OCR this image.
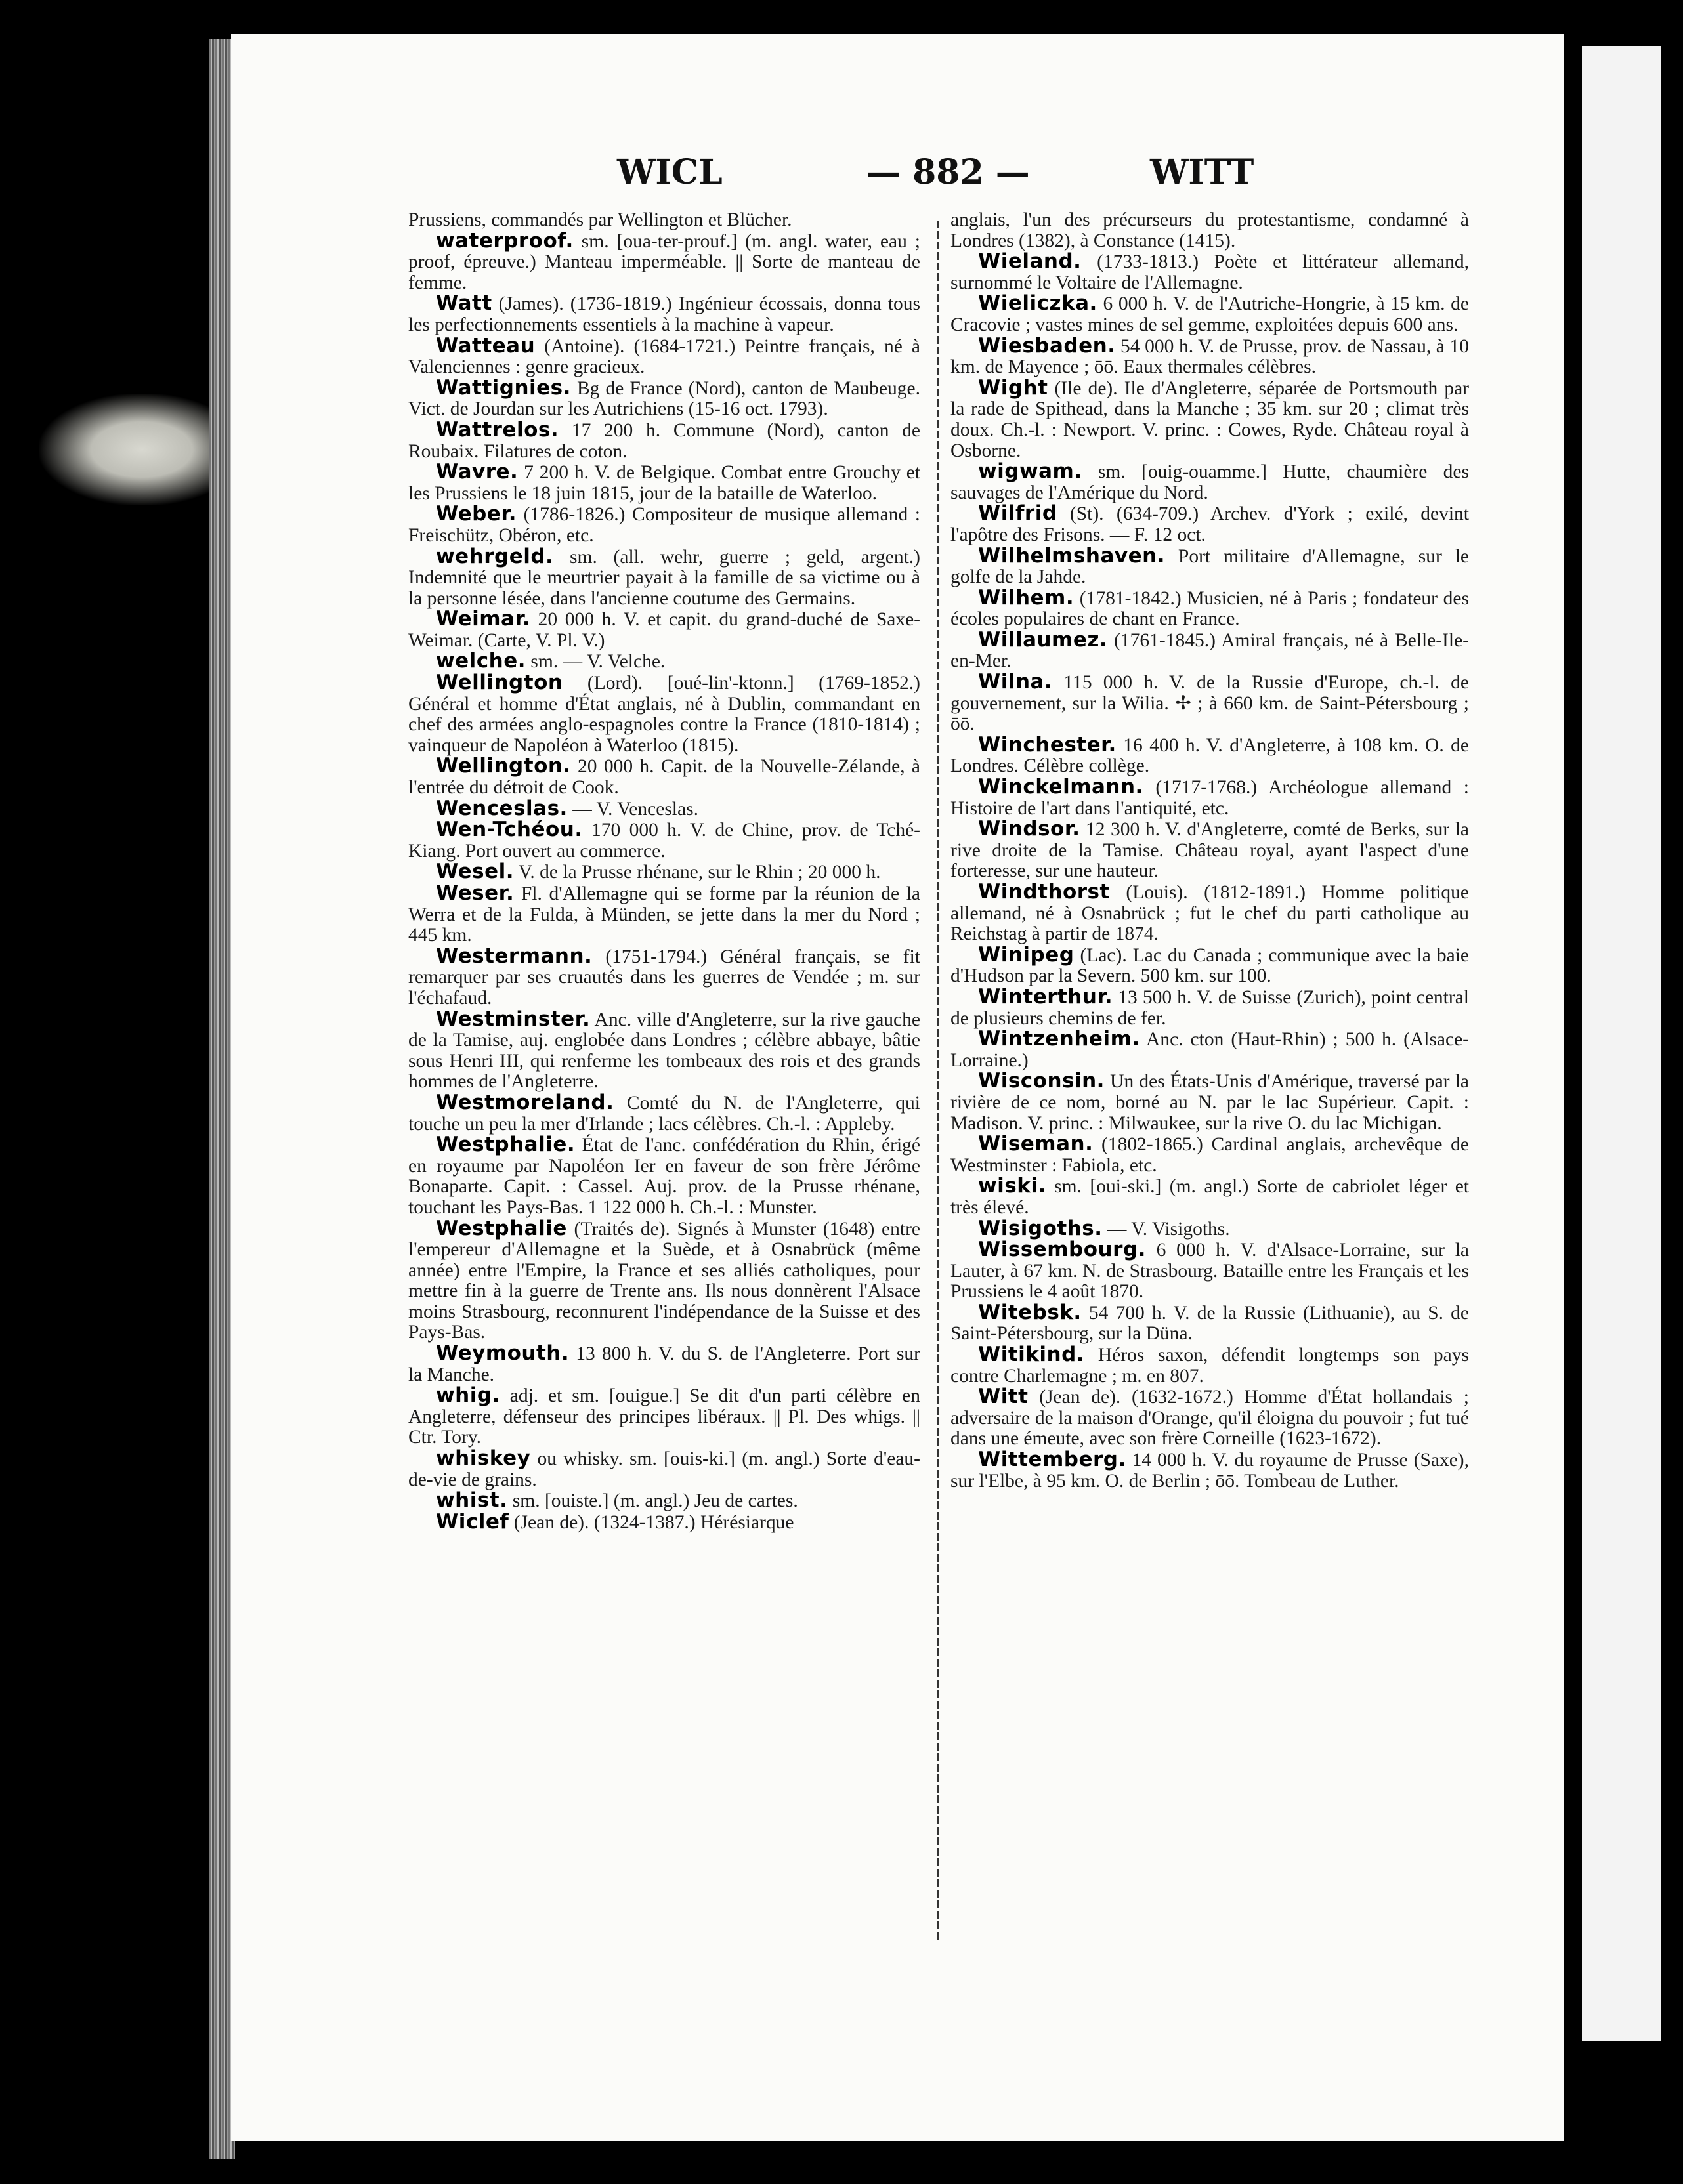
WICL	— 882 —	WITT

Prussiens, commandés par Wellington et Blücher.

waterproof. sm. [oua-ter-prouf.] (m. angl. water, eau ; proof, épreuve.) Manteau imperméable. || Sorte de manteau de femme.

Watt (James). (1736-1819.) Ingénieur écossais, donna tous les perfectionnements essentiels à la machine à vapeur.

Watteau (Antoine). (1684-1721.) Peintre français, né à Valenciennes : genre gracieux.

Wattignies. Bg de France (Nord), canton de Maubeuge. Vict. de Jourdan sur les Autrichiens (15-16 oct. 1793).

Wattrelos. 17 200 h. Commune (Nord), canton de Roubaix. Filatures de coton.

Wavre. 7 200 h. V. de Belgique. Combat entre Grouchy et les Prussiens le 18 juin 1815, jour de la bataille de Waterloo.

Weber. (1786-1826.) Compositeur de musique allemand : Freischütz, Obéron, etc.

wehrgeld. sm. (all. wehr, guerre ; geld, argent.) Indemnité que le meurtrier payait à la famille de sa victime ou à la personne lésée, dans l'ancienne coutume des Germains.

Weimar. 20 000 h. V. et capit. du grand-duché de Saxe-Weimar. (Carte, V. Pl. V.)

welche. sm. — V. Velche.

Wellington (Lord). [oué-lin'-ktonn.] (1769-1852.) Général et homme d'État anglais, né à Dublin, commandant en chef des armées anglo-espagnoles contre la France (1810-1814) ; vainqueur de Napoléon à Waterloo (1815).

Wellington. 20 000 h. Capit. de la Nouvelle-Zélande, à l'entrée du détroit de Cook.

Wenceslas. — V. Venceslas.

Wen-Tchéou. 170 000 h. V. de Chine, prov. de Tché-Kiang. Port ouvert au commerce.

Wesel. V. de la Prusse rhénane, sur le Rhin ; 20 000 h.

Weser. Fl. d'Allemagne qui se forme par la réunion de la Werra et de la Fulda, à Münden, se jette dans la mer du Nord ; 445 km.

Westermann. (1751-1794.) Général français, se fit remarquer par ses cruautés dans les guerres de Vendée ; m. sur l'échafaud.

Westminster. Anc. ville d'Angleterre, sur la rive gauche de la Tamise, auj. englobée dans Londres ; célèbre abbaye, bâtie sous Henri III, qui renferme les tombeaux des rois et des grands hommes de l'Angleterre.

Westmoreland. Comté du N. de l'Angleterre, qui touche un peu la mer d'Irlande ; lacs célèbres. Ch.-l. : Appleby.

Westphalie. État de l'anc. confédération du Rhin, érigé en royaume par Napoléon Ier en faveur de son frère Jérôme Bonaparte. Capit. : Cassel. Auj. prov. de la Prusse rhénane, touchant les Pays-Bas. 1 122 000 h. Ch.-l. : Munster.

Westphalie (Traités de). Signés à Munster (1648) entre l'empereur d'Allemagne et la Suède, et à Osnabrück (même année) entre l'Empire, la France et ses alliés catholiques, pour mettre fin à la guerre de Trente ans. Ils nous donnèrent l'Alsace moins Strasbourg, reconnurent l'indépendance de la Suisse et des Pays-Bas.

Weymouth. 13 800 h. V. du S. de l'Angleterre. Port sur la Manche.

whig. adj. et sm. [ouigue.] Se dit d'un parti célèbre en Angleterre, défenseur des principes libéraux. || Pl. Des whigs. || Ctr. Tory.

whiskey ou whisky. sm. [ouis-ki.] (m. angl.) Sorte d'eau-de-vie de grains.

whist. sm. [ouiste.] (m. angl.) Jeu de cartes.

Wiclef (Jean de). (1324-1387.) Hérésiarque

anglais, l'un des précurseurs du protestantisme, condamné à Londres (1382), à Constance (1415).

Wieland. (1733-1813.) Poète et littérateur allemand, surnommé le Voltaire de l'Allemagne.

Wieliczka. 6 000 h. V. de l'Autriche-Hongrie, à 15 km. de Cracovie ; vastes mines de sel gemme, exploitées depuis 600 ans.

Wiesbaden. 54 000 h. V. de Prusse, prov. de Nassau, à 10 km. de Mayence ; ōō. Eaux thermales célèbres.

Wight (Ile de). Ile d'Angleterre, séparée de Portsmouth par la rade de Spithead, dans la Manche ; 35 km. sur 20 ; climat très doux. Ch.-l. : Newport. V. princ. : Cowes, Ryde. Château royal à Osborne.

wigwam. sm. [ouig-ouamme.] Hutte, chaumière des sauvages de l'Amérique du Nord.

Wilfrid (St). (634-709.) Archev. d'York ; exilé, devint l'apôtre des Frisons. — F. 12 oct.

Wilhelmshaven. Port militaire d'Allemagne, sur le golfe de la Jahde.

Wilhem. (1781-1842.) Musicien, né à Paris ; fondateur des écoles populaires de chant en France.

Willaumez. (1761-1845.) Amiral français, né à Belle-Ile-en-Mer.

Wilna. 115 000 h. V. de la Russie d'Europe, ch.-l. de gouvernement, sur la Wilia. ✢ ; à 660 km. de Saint-Pétersbourg ; ōō.

Winchester. 16 400 h. V. d'Angleterre, à 108 km. O. de Londres. Célèbre collège.

Winckelmann. (1717-1768.) Archéologue allemand : Histoire de l'art dans l'antiquité, etc.

Windsor. 12 300 h. V. d'Angleterre, comté de Berks, sur la rive droite de la Tamise. Château royal, ayant l'aspect d'une forteresse, sur une hauteur.

Windthorst (Louis). (1812-1891.) Homme politique allemand, né à Osnabrück ; fut le chef du parti catholique au Reichstag à partir de 1874.

Winipeg (Lac). Lac du Canada ; communique avec la baie d'Hudson par la Severn. 500 km. sur 100.

Winterthur. 13 500 h. V. de Suisse (Zurich), point central de plusieurs chemins de fer.

Wintzenheim. Anc. cton (Haut-Rhin) ; 500 h. (Alsace-Lorraine.)

Wisconsin. Un des États-Unis d'Amérique, traversé par la rivière de ce nom, borné au N. par le lac Supérieur. Capit. : Madison. V. princ. : Milwaukee, sur la rive O. du lac Michigan.

Wiseman. (1802-1865.) Cardinal anglais, archevêque de Westminster : Fabiola, etc.

wiski. sm. [oui-ski.] (m. angl.) Sorte de cabriolet léger et très élevé.

Wisigoths. — V. Visigoths.

Wissembourg. 6 000 h. V. d'Alsace-Lorraine, sur la Lauter, à 67 km. N. de Strasbourg. Bataille entre les Français et les Prussiens le 4 août 1870.

Witebsk. 54 700 h. V. de la Russie (Lithuanie), au S. de Saint-Pétersbourg, sur la Düna.

Witikind. Héros saxon, défendit longtemps son pays contre Charlemagne ; m. en 807.

Witt (Jean de). (1632-1672.) Homme d'État hollandais ; adversaire de la maison d'Orange, qu'il éloigna du pouvoir ; fut tué dans une émeute, avec son frère Corneille (1623-1672).

Wittemberg. 14 000 h. V. du royaume de Prusse (Saxe), sur l'Elbe, à 95 km. O. de Berlin ; ōō. Tombeau de Luther.
